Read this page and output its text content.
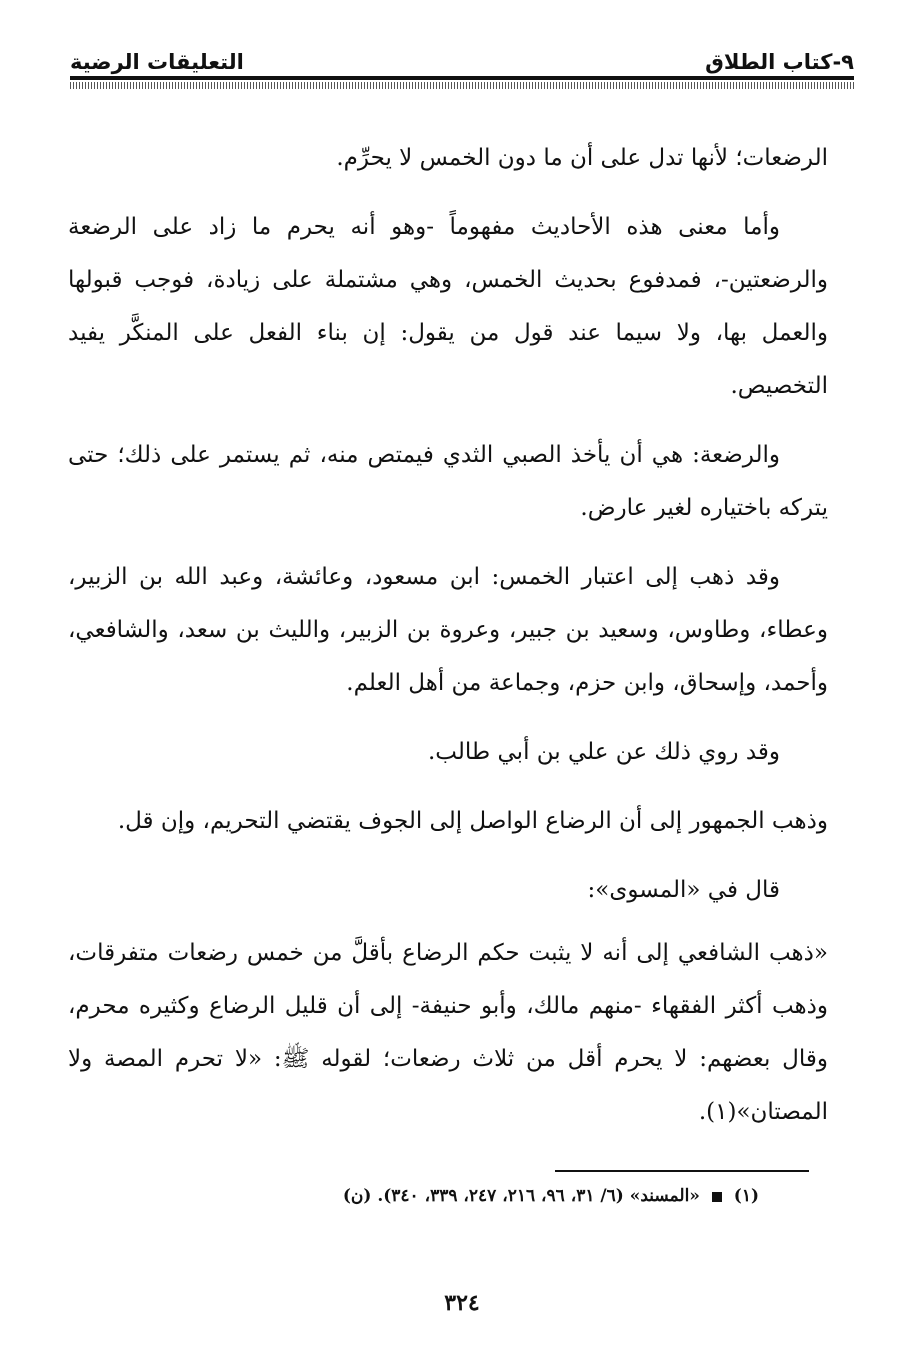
٩-كتاب الطلاق
التعليقات الرضية

الرضعات؛ لأنها تدل على أن ما دون الخمس لا يحرِّم.

وأما معنى هذه الأحاديث مفهوماً -وهو أنه يحرم ما زاد على الرضعة والرضعتين-، فمدفوع بحديث الخمس، وهي مشتملة على زيادة، فوجب قبولها والعمل بها، ولا سيما عند قول من يقول: إن بناء الفعل على المنكَّر يفيد التخصيص.

والرضعة: هي أن يأخذ الصبي الثدي فيمتص منه، ثم يستمر على ذلك؛ حتى يتركه باختياره لغير عارض.

وقد ذهب إلى اعتبار الخمس: ابن مسعود، وعائشة، وعبد الله بن الزبير، وعطاء، وطاوس، وسعيد بن جبير، وعروة بن الزبير، والليث بن سعد، والشافعي، وأحمد، وإسحاق، وابن حزم، وجماعة من أهل العلم.

وقد روي ذلك عن علي بن أبي طالب.

وذهب الجمهور إلى أن الرضاع الواصل إلى الجوف يقتضي التحريم، وإن قل.

قال في «المسوى»:

«ذهب الشافعي إلى أنه لا يثبت حكم الرضاع بأقلَّ من خمس رضعات متفرقات، وذهب أكثر الفقهاء -منهم مالك، وأبو حنيفة- إلى أن قليل الرضاع وكثيره محرم، وقال بعضهم: لا يحرم أقل من ثلاث رضعات؛ لقوله ﷺ: «لا تحرم المصة ولا المصتان»(١).

(١)  «المسند» (٦/ ٣١، ٩٦، ٢١٦، ٢٤٧، ٣٣٩، ٣٤٠). (ن)
٣٢٤
